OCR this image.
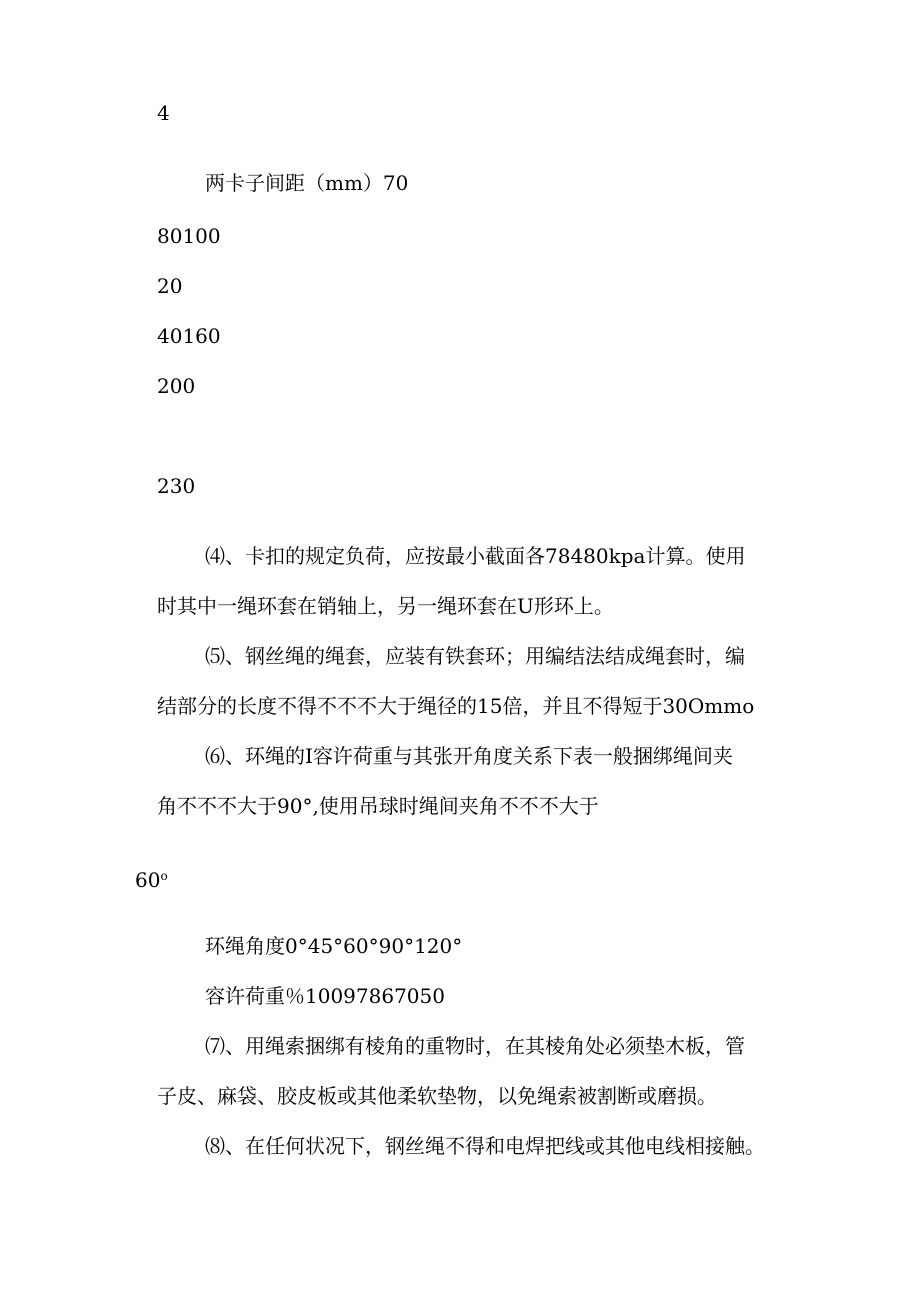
4

两卡子间距（mm）70

80100

20

40160

200

230

⑷、卡扣的规定负荷，应按最小截面各78480kpa计算。使用

时其中一绳环套在销轴上，另一绳环套在U形环上。

⑸、钢丝绳的绳套，应装有铁套环；用编结法结成绳套时，编

结部分的长度不得不不不大于绳径的15倍，并且不得短于30Ommo

⑹、环绳的I容许荷重与其张开角度关系下表一般捆绑绳间夹

角不不不大于90°,使用吊球时绳间夹角不不不大于

60$^o$

环绳角度0°45°60°90°120°

容许荷重％10097867050

⑺、用绳索捆绑有棱角的重物时，在其棱角处必须垫木板，管

子皮、麻袋、胶皮板或其他柔软垫物，以免绳索被割断或磨损。

⑻、在任何状况下，钢丝绳不得和电焊把线或其他电线相接触。
